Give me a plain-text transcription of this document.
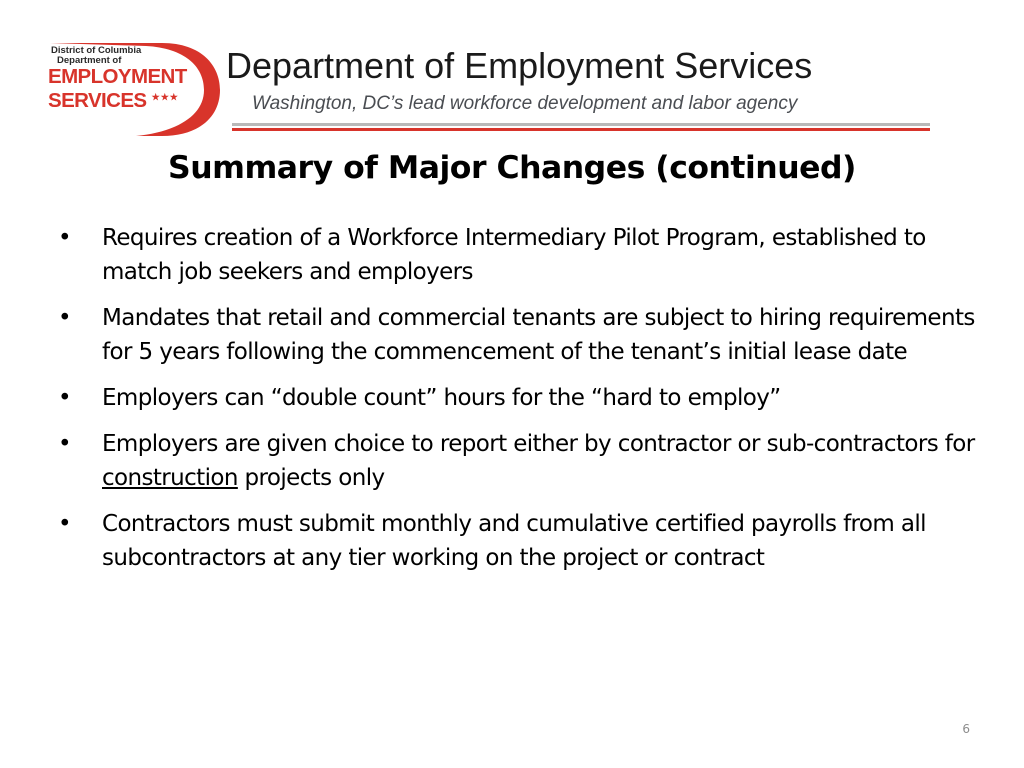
District of Columbia
Department of
EMPLOYMENT
SERVICES ★★★
Department of Employment Services
Washington, DC’s lead workforce development and labor agency
Summary of Major Changes (continued)
•	Requires creation of a Workforce Intermediary Pilot Program, established to match job seekers and employers
•	Mandates that retail and commercial tenants are subject to hiring requirements for 5 years following the commencement of the tenant’s initial lease date
•	Employers can “double count” hours for the “hard to employ”
•	Employers are given choice to report either by contractor or sub-contractors for construction projects only
•	Contractors must submit monthly and cumulative certified payrolls from all subcontractors at any tier working on the project or contract
6
